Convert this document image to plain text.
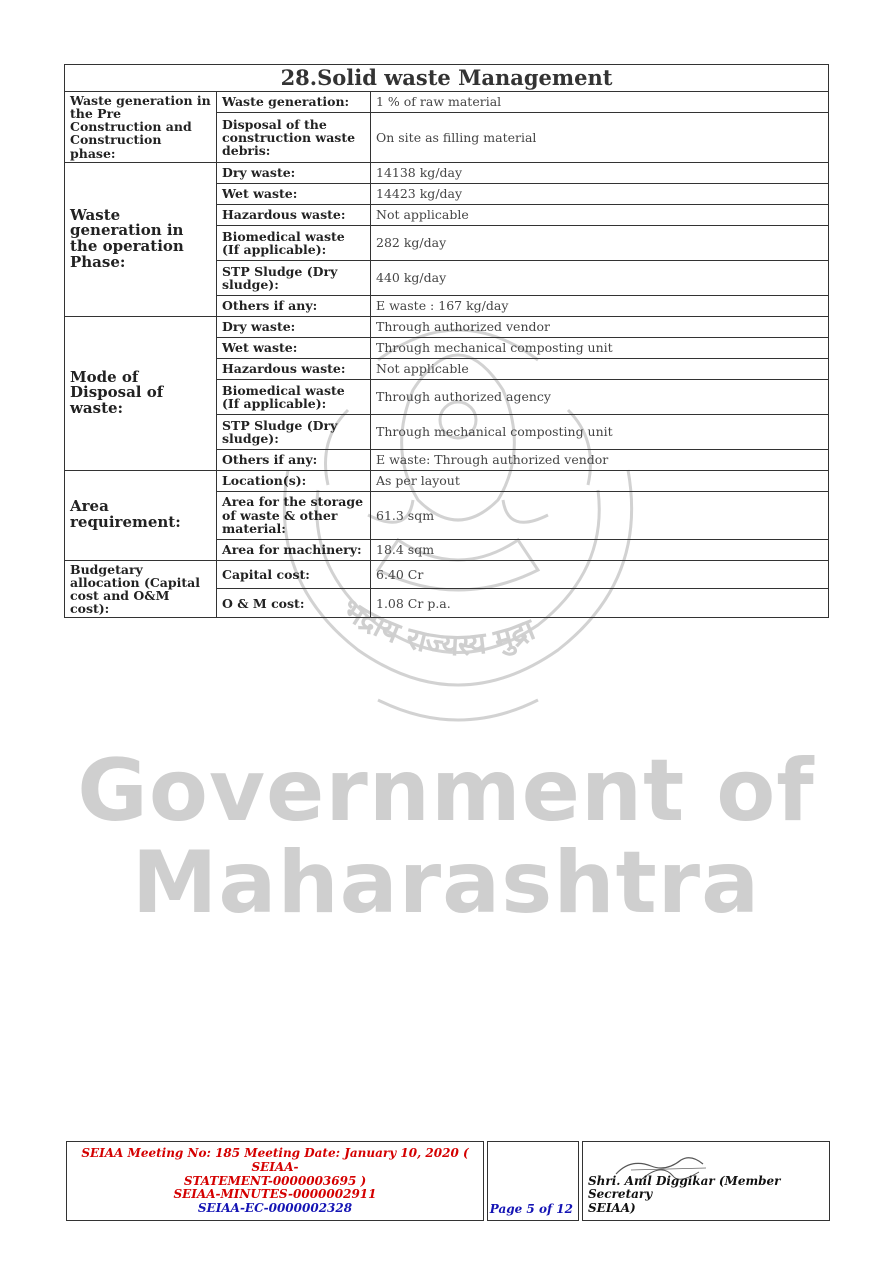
भद्राय राज्यस्य मुद्रा
Government of
Maharashtra
28.Solid waste Management		
Waste generation in the Pre Construction and Construction phase:	Waste generation:	1 % of raw material
	Disposal of the construction waste debris:	On site as filling material
Waste generation in the operation Phase:	Dry waste:	14138 kg/day
	Wet waste:	14423 kg/day
	Hazardous waste:	Not applicable
	Biomedical waste (If applicable):	282 kg/day
	STP Sludge (Dry sludge):	440 kg/day
	Others if any:	E waste : 167 kg/day
Mode of Disposal of waste:	Dry waste:	Through authorized vendor
	Wet waste:	Through mechanical composting unit
	Hazardous waste:	Not applicable
	Biomedical waste (If applicable):	Through authorized agency
	STP Sludge (Dry sludge):	Through mechanical composting unit
	Others if any:	E waste: Through authorized vendor
Area requirement:	Location(s):	As per layout
	Area for the storage of waste & other material:	61.3 sqm
	Area for machinery:	18.4 sqm
Budgetary allocation (Capital cost and O&M cost):	Capital cost:	6.40 Cr
	O & M cost:	1.08 Cr p.a.
SEIAA Meeting No: 185 Meeting Date: January 10, 2020 ( SEIAA-
STATEMENT-0000003695 )
SEIAA-MINUTES-0000002911
SEIAA-EC-0000002328	Page 5 of 12
Shri. Anil Diggikar (Member Secretary
SEIAA)
